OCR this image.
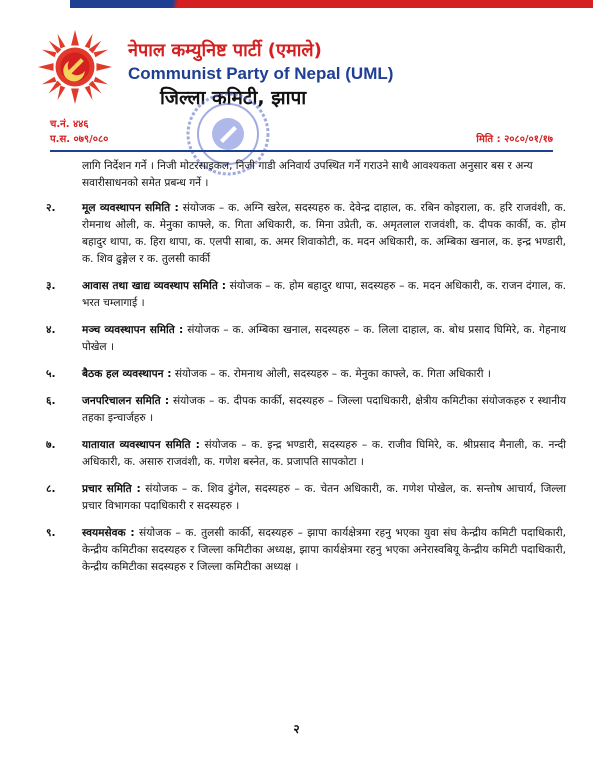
नेपाल कम्युनिष्ट पार्टी (एमाले)
Communist Party of Nepal (UML)
जिल्ला कमिटी, झापा
च.नं. ४४६
प.स. ०७९/०८०	मिति : २०८०/०१/१७
लागि निर्देशन गर्ने । निजी मोटरसाइकल, निजी गाडी अनिवार्य उपस्थित गर्ने गराउने साथै आवश्यकता अनुसार बस र अन्य सवारीसाधनको समेत प्रबन्ध गर्ने ।
२.	मूल व्यवस्थापन समिति : संयोजक – क. अग्नि खरेल, सदस्यहरु क. देवेन्द्र दाहाल, क. रबिन कोइराला, क. हरि राजवंशी, क. रोमनाथ ओली, क. मेनुका काफ्ले, क. गिता अधिकारी, क. मिना उप्रेती, क. अमृतलाल राजवंशी, क. दीपक कार्की, क. होम बहादुर थापा, क. हिरा थापा, क. एलपी साबा, क. अमर शिवाकोटी, क. मदन अधिकारी, क. अम्बिका खनाल, क. इन्द्र भण्डारी, क. शिव ढुङ्गेल र क. तुलसी कार्की
३.	आवास तथा खाद्य व्यवस्थाप समिति : संयोजक – क. होम बहादुर थापा, सदस्यहरु – क. मदन अधिकारी, क. राजन दंगाल, क. भरत चम्लागाई ।
४.	मञ्च व्यवस्थापन समिति : संयोजक – क. अम्बिका खनाल, सदस्यहरु – क. लिला दाहाल, क. बोध प्रसाद घिमिरे, क. गेहनाथ पोखेल ।
५.	बैठक हल व्यवस्थापन : संयोजक – क. रोमनाथ ओली, सदस्यहरु – क. मेनुका काफ्ले, क. गिता अधिकारी ।
६.	जनपरिचालन समिति : संयोजक – क. दीपक कार्की, सदस्यहरु – जिल्ला पदाधिकारी, क्षेत्रीय कमिटीका संयोजकहरु र स्थानीय तहका इन्चार्जहरु ।
७.	यातायात व्यवस्थापन समिति : संयोजक – क. इन्द्र भण्डारी, सदस्यहरु – क. राजीव घिमिरे, क. श्रीप्रसाद मैनाली, क. नन्दी अधिकारी, क. असारु राजवंशी, क. गणेश बस्नेत, क. प्रजापति सापकोटा ।
८.	प्रचार समिति : संयोजक – क. शिव ढुंगेल, सदस्यहरु – क. चेतन अधिकारी, क. गणेश पोखेल, क. सन्तोष आचार्य, जिल्ला प्रचार विभागका पदाधिकारी र सदस्यहरु ।
९.	स्वयमसेवक : संयोजक – क. तुलसी कार्की, सदस्यहरु – झापा कार्यक्षेत्रमा रहनु भएका युवा संघ केन्द्रीय कमिटी पदाधिकारी, केन्द्रीय कमिटीका सदस्यहरु र जिल्ला कमिटीका अध्यक्ष, झापा कार्यक्षेत्रमा रहनु भएका अनेरास्वबियू केन्द्रीय कमिटी पदाधिकारी, केन्द्रीय कमिटीका सदस्यहरु र जिल्ला कमिटीका अध्यक्ष ।
२
